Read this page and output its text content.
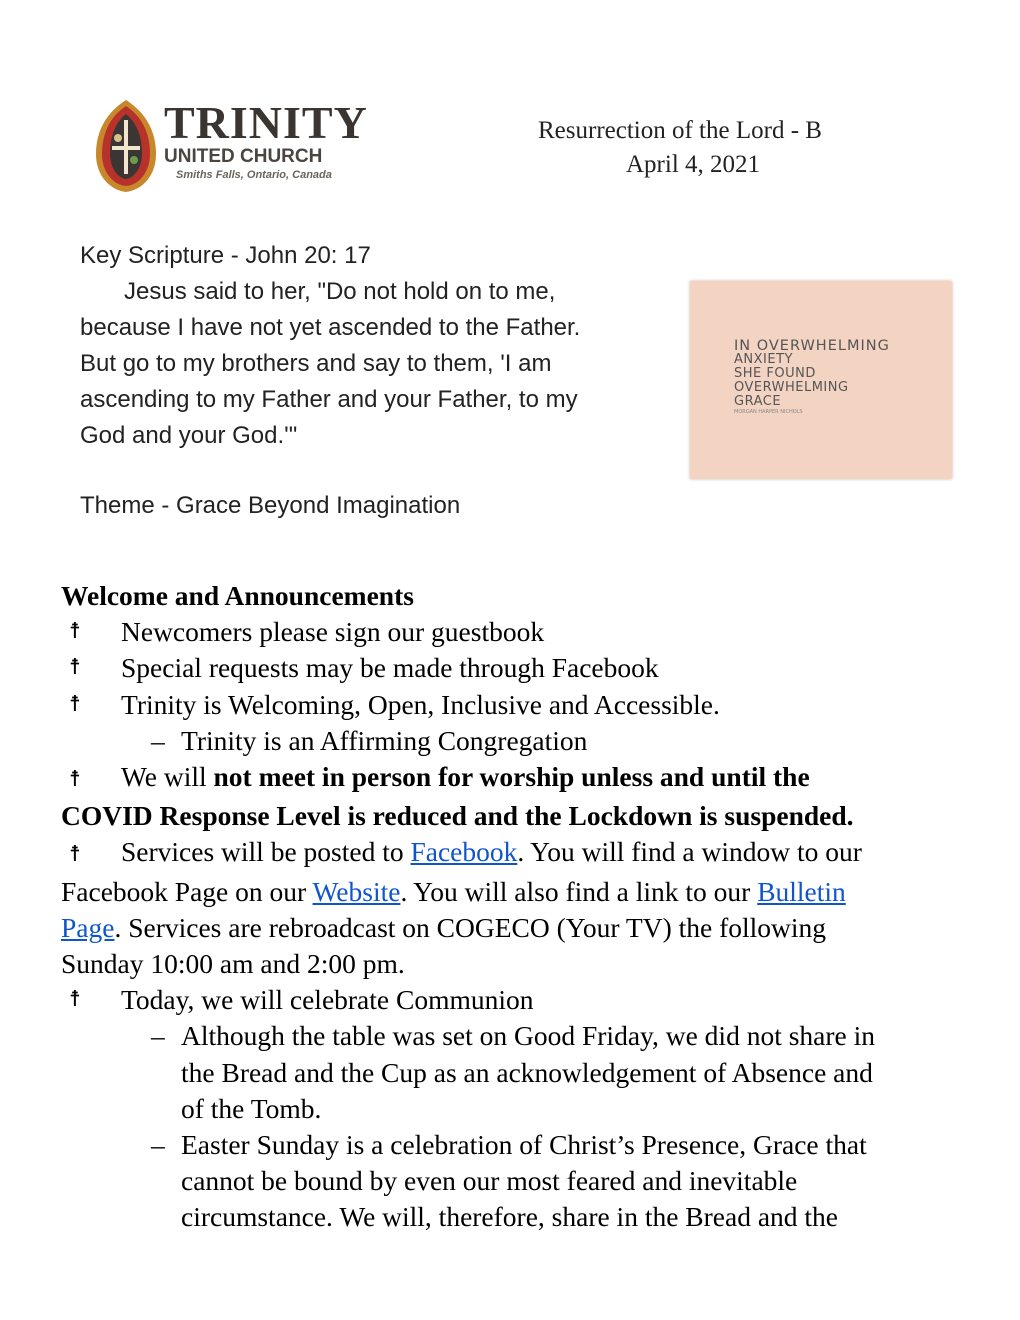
TRINITY
UNITED CHURCH
Smiths Falls, Ontario, Canada
Resurrection of the Lord - B
April 4, 2021
Key Scripture - John 20: 17
Jesus said to her, "Do not hold on to me,
because I have not yet ascended to the Father.
But go to my brothers and say to them, 'I am
ascending to my Father and your Father, to my
God and your God.'"
Theme - Grace Beyond Imagination
IN OVERWHELMING
ANXIETY
SHE FOUND
OVERWHELMING
GRACE
MORGAN HARPER NICHOLS
Welcome and Announcements
☨	Newcomers please sign our guestbook
☨	Special requests may be made through Facebook
☨	Trinity is Welcoming, Open, Inclusive and Accessible.
– Trinity is an Affirming Congregation
☨ We will not meet in person for worship unless and until the
COVID Response Level is reduced and the Lockdown is suspended.
☨ Services will be posted to Facebook. You will find a window to our
Facebook Page on our Website. You will also find a link to our Bulletin
Page. Services are rebroadcast on COGECO (Your TV) the following
Sunday 10:00 am and 2:00 pm.
☨	Today, we will celebrate Communion
– Although the table was set on Good Friday, we did not share in
the Bread and the Cup as an acknowledgement of Absence and
of the Tomb.
– Easter Sunday is a celebration of Christ’s Presence, Grace that
cannot be bound by even our most feared and inevitable
circumstance. We will, therefore, share in the Bread and the
